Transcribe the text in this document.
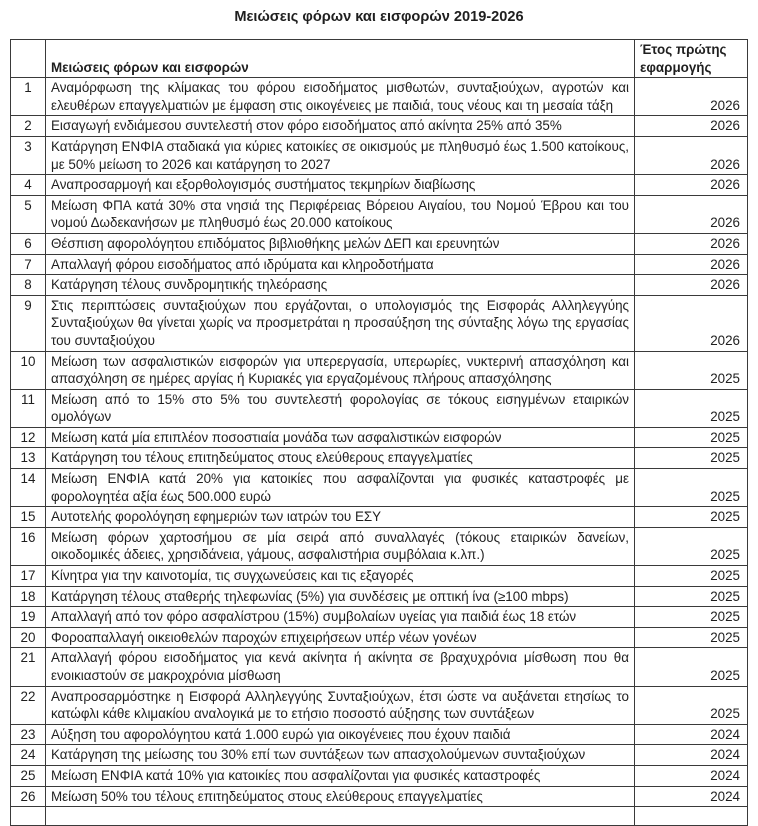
Μειώσεις φόρων και εισφορών 2019-2026
	Μειώσεις φόρων και εισφορών	Έτος πρώτης εφαρμογής
1	Αναμόρφωση της κλίμακας του φόρου εισοδήματος μισθωτών, συνταξιούχων, αγροτών και ελευθέρων επαγγελματιών με έμφαση στις οικογένειες με παιδιά, τους νέους και τη μεσαία τάξη	2026
2	Εισαγωγή ενδιάμεσου συντελεστή στον φόρο εισοδήματος από ακίνητα 25% από 35%	2026
3	Κατάργηση ΕΝΦΙΑ σταδιακά για κύριες κατοικίες σε οικισμούς με πληθυσμό έως 1.500 κατοίκους, με 50% μείωση το 2026 και κατάργηση το 2027	2026
4	Αναπροσαρμογή και εξορθολογισμός συστήματος τεκμηρίων διαβίωσης	2026
5	Μείωση ΦΠΑ κατά 30% στα νησιά της Περιφέρειας Βόρειου Αιγαίου, του Νομού Έβρου και του νομού Δωδεκανήσων με πληθυσμό έως 20.000 κατοίκους	2026
6	Θέσπιση αφορολόγητου επιδόματος βιβλιοθήκης μελών ΔΕΠ και ερευνητών	2026
7	Απαλλαγή φόρου εισοδήματος από ιδρύματα και κληροδοτήματα	2026
8	Κατάργηση τέλους συνδρομητικής τηλεόρασης	2026
9	Στις περιπτώσεις συνταξιούχων που εργάζονται, ο υπολογισμός της Εισφοράς Αλληλεγγύης Συνταξιούχων θα γίνεται χωρίς να προσμετράται η προσαύξηση της σύνταξης λόγω της εργασίας του συνταξιούχου	2026
10	Μείωση των ασφαλιστικών εισφορών για υπερεργασία, υπερωρίες, νυκτερινή απασχόληση και απασχόληση σε ημέρες αργίας ή Κυριακές για εργαζομένους πλήρους απασχόλησης	2025
11	Μείωση από το 15% στο 5% του συντελεστή φορολογίας σε τόκους εισηγμένων εταιρικών ομολόγων	2025
12	Μείωση κατά μία επιπλέον ποσοστιαία μονάδα των ασφαλιστικών εισφορών	2025
13	Κατάργηση του τέλους επιτηδεύματος στους ελεύθερους επαγγελματίες	2025
14	Μείωση ΕΝΦΙΑ κατά 20% για κατοικίες που ασφαλίζονται για φυσικές καταστροφές με φορολογητέα αξία έως 500.000 ευρώ	2025
15	Αυτοτελής φορολόγηση εφημεριών των ιατρών του ΕΣΥ	2025
16	Μείωση φόρων χαρτοσήμου σε μία σειρά από συναλλαγές (τόκους εταιρικών δανείων, οικοδομικές άδειες, χρησιδάνεια, γάμους, ασφαλιστήρια συμβόλαια κ.λπ.)	2025
17	Κίνητρα για την καινοτομία, τις συγχωνεύσεις και τις εξαγορές	2025
18	Κατάργηση τέλους σταθερής τηλεφωνίας (5%) για συνδέσεις με οπτική ίνα (≥100 mbps)	2025
19	Απαλλαγή από τον φόρο ασφαλίστρου (15%) συμβολαίων υγείας για παιδιά έως 18 ετών	2025
20	Φοροαπαλλαγή οικειοθελών παροχών επιχειρήσεων υπέρ νέων γονέων	2025
21	Απαλλαγή φόρου εισοδήματος για κενά ακίνητα ή ακίνητα σε βραχυχρόνια μίσθωση που θα ενοικιαστούν σε μακροχρόνια μίσθωση	2025
22	Αναπροσαρμόστηκε η Εισφορά Αλληλεγγύης Συνταξιούχων, έτσι ώστε να αυξάνεται ετησίως το κατώφλι κάθε κλιμακίου αναλογικά με το ετήσιο ποσοστό αύξησης των συντάξεων	2025
23	Αύξηση του αφορολόγητου κατά 1.000 ευρώ για οικογένειες που έχουν παιδιά	2024
24	Κατάργηση της μείωσης του 30% επί των συντάξεων των απασχολούμενων συνταξιούχων	2024
25	Μείωση ΕΝΦΙΑ κατά 10% για κατοικίες που ασφαλίζονται για φυσικές καταστροφές	2024
26	Μείωση 50% του τέλους επιτηδεύματος στους ελεύθερους επαγγελματίες	2024
